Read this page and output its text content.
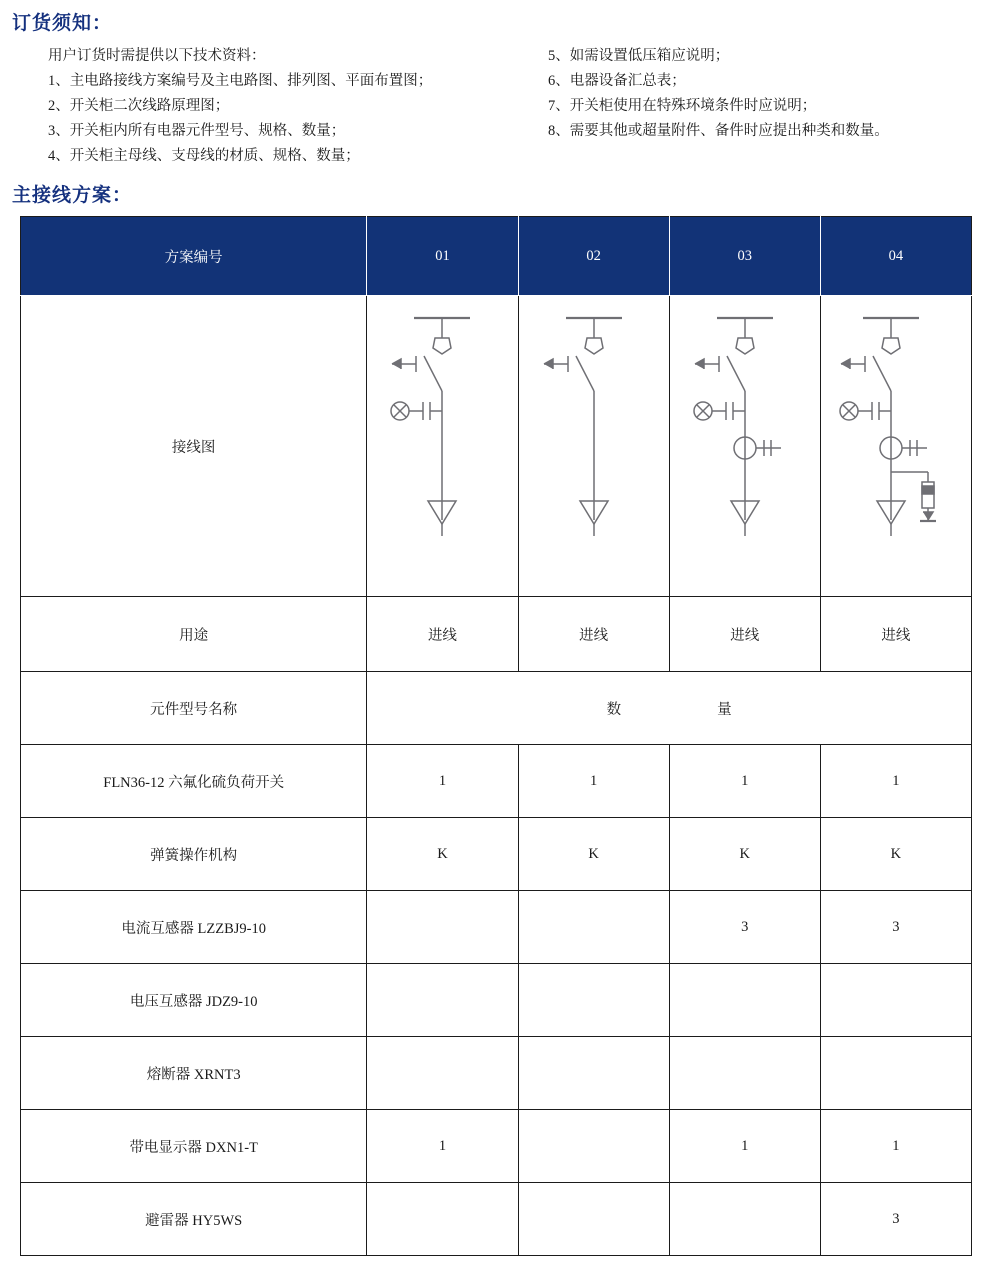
订货须知：
用户订货时需提供以下技术资料：
1、主电路接线方案编号及主电路图、排列图、平面布置图；
2、开关柜二次线路原理图；
3、开关柜内所有电器元件型号、规格、数量；
4、开关柜主母线、支母线的材质、规格、数量；
5、如需设置低压箱应说明；
6、电器设备汇总表；
7、开关柜使用在特殊环境条件时应说明；
8、需要其他或超量附件、备件时应提出种类和数量。
主接线方案：
方案编号	01	02	03	04
接线图	

用途	进线	进线	进线	进线
元件型号名称	数 量			

FLN36-12 六氟化硫负荷开关	1	1	1	1
弹簧操作机构	K	K	K	K
电流互感器 LZZBJ9-10			3	3
电压互感器 JDZ9-10				
熔断器 XRNT3				
带电显示器 DXN1-T	1		1	1
避雷器 HY5WS				3
